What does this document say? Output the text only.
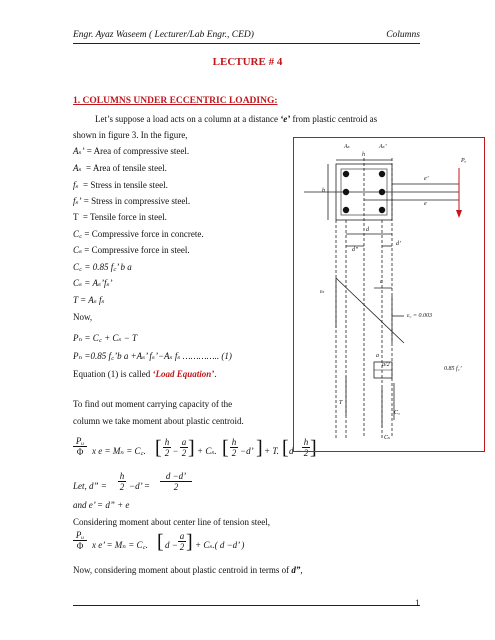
Engr. Ayaz Waseem ( Lecturer/Lab Engr., CED)	Columns
LECTURE # 4
1. COLUMNS UNDER ECCENTRIC LOADING:
Let’s suppose a load acts on a column at a distance ‘e’ from plastic centroid as
shown in figure 3. In the figure,
Aₛ’ = Area of compressive steel.
Aₛ = Area of tensile steel.
fₛ = Stress in tensile steel.
fₛ’ = Stress in compressive steel.
T = Tensile force in steel.
C꜀ = Compressive force in concrete.
Cₛ = Compressive force in steel.
C꜀ = 0.85 f꜀’ b a
Cₛ = Aₛ’fₛ’
T = Aₛ fₛ
Now,
Pₙ = C꜀ + Cₛ − T
Pₙ =0.85 f꜀’b a +Aₛ’ fₛ’−Aₛ fₛ ………….. (1)
Equation (1) is called ‘Load Equation’.
To find out moment carrying capacity of the
column we take moment about plastic centroid.
$\frac{\text{Pᵤ}}{\Phi}$ x e = Mₙ = C꜀. [ $\frac{h}{2} - \frac{a}{2}$ ] + Cₛ. [ $\frac{h}{2} -d$’ ] + T. [ $d - \frac{h}{2}$ ]
Let, d” = $\frac{h}{2} -d$’ = $\frac{d -d’}{2}$
and e’ = d” + e
Considering moment about center line of tension steel,
$\frac{\text{Pᵤ}}{\Phi}$ x e’ = Mₙ = C꜀. [ $d - \frac{a}{2}$ ] + Cₛ.( d −d’ )
Now, considering moment about plastic centroid in terms of d”,
1
Aₛ	Aₛ’
h
b
Pᵤ
e’
e
d
d”
d’
c
εₛ
ε꜀ = 0.003
a
a/2
0.85 f꜀’
T
C꜀
Cₛ
